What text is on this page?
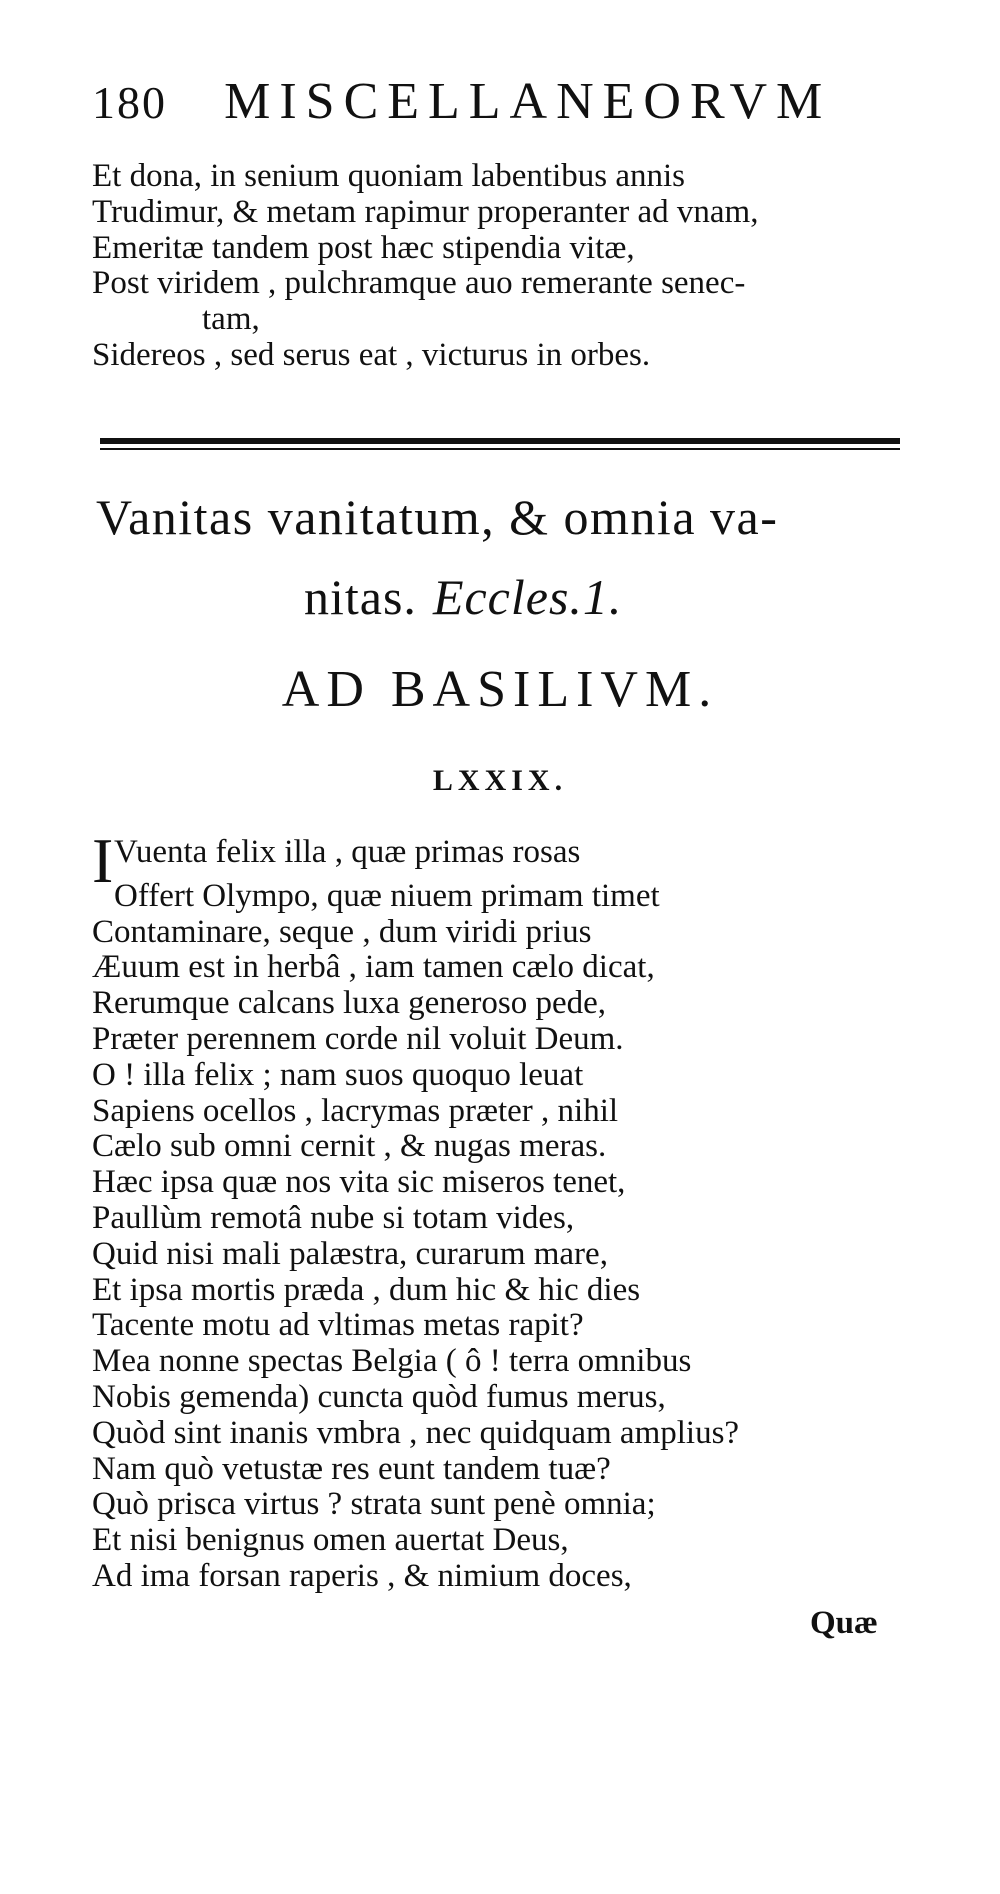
180 MISCELLANEORVM
Et dona, in senium quoniam labentibus annis
Trudimur, & metam rapimur properanter ad vnam,
Emeritæ tandem post hæc stipendia vitæ,
Post viridem , pulchramque auo remerante senec-
tam,
Sidereos , sed serus eat , victurus in orbes.
Vanitas vanitatum, & omnia va-
nitas. Eccles.1.
AD BASILIVM.
LXXIX.
IVuenta felix illa , quæ primas rosas
Offert Olympo, quæ niuem primam timet
Contaminare, seque , dum viridi prius
Æuum est in herbâ , iam tamen cælo dicat,
Rerumque calcans luxa generoso pede,
Præter perennem corde nil voluit Deum.
O ! illa felix ; nam suos quoquo leuat
Sapiens ocellos , lacrymas præter , nihil
Cælo sub omni cernit , & nugas meras.
Hæc ipsa quæ nos vita sic miseros tenet,
Paullùm remotâ nube si totam vides,
Quid nisi mali palæstra, curarum mare,
Et ipsa mortis præda , dum hic & hic dies
Tacente motu ad vltimas metas rapit?
Mea nonne spectas Belgia ( ô ! terra omnibus
Nobis gemenda) cuncta quòd fumus merus,
Quòd sint inanis vmbra , nec quidquam amplius?
Nam quò vetustæ res eunt tandem tuæ?
Quò prisca virtus ? strata sunt penè omnia;
Et nisi benignus omen auertat Deus,
Ad ima forsan raperis , & nimium doces,
Quæ
